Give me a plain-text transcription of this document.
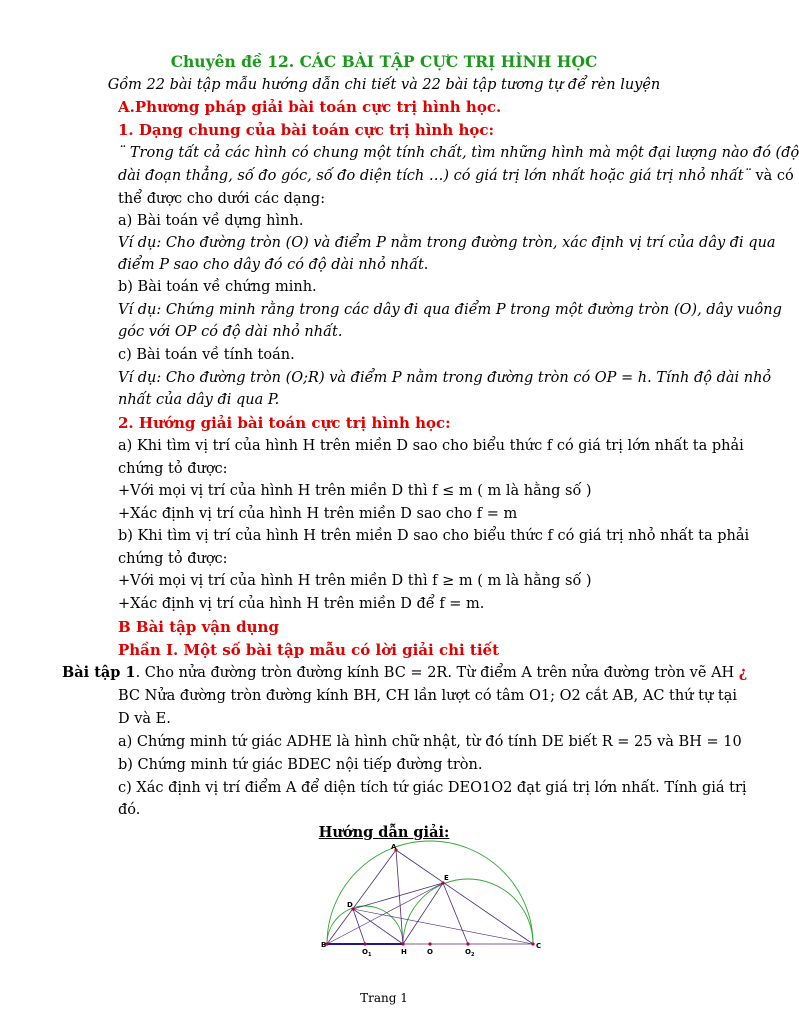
Chuyên đề 12. CÁC BÀI TẬP CỰC TRỊ HÌNH HỌC
Gồm 22 bài tập mẫu hướng dẫn chi tiết và 22 bài tập tương tự để rèn luyện
A.Phương pháp giải bài toán cực trị hình học.
1. Dạng chung của bài toán cực trị hình học:
¨ Trong tất cả các hình có chung một tính chất, tìm những hình mà một đại lượng nào đó (độ
dài đoạn thẳng, số đo góc, số đo diện tích …) có giá trị lớn nhất hoặc giá trị nhỏ nhất¨ và có
thể được cho dưới các dạng:
a) Bài toán về dựng hình.
Ví dụ: Cho đường tròn (O) và điểm P nằm trong đường tròn, xác định vị trí của dây đi qua
điểm P sao cho dây đó có độ dài nhỏ nhất.
b) Bài toán về chứng minh.
Ví dụ: Chứng minh rằng trong các dây đi qua điểm P trong một đường tròn (O), dây vuông
góc với OP có độ dài nhỏ nhất.
c) Bài toán về tính toán.
Ví dụ: Cho đường tròn (O;R) và điểm P nằm trong đường tròn có OP = h. Tính độ dài nhỏ
nhất của dây đi qua P.
2. Hướng giải bài toán cực trị hình học:
a) Khi tìm vị trí của hình H trên miền D sao cho biểu thức f có giá trị lớn nhất ta phải
chứng tỏ được:
+Với mọi vị trí của hình H trên miền D thì f ≤ m ( m là hằng số )
+Xác định vị trí của hình H trên miền D sao cho f = m
b) Khi tìm vị trí của hình H trên miền D sao cho biểu thức f có giá trị nhỏ nhất ta phải
chứng tỏ được:
+Với mọi vị trí của hình H trên miền D thì f ≥ m ( m là hằng số )
+Xác định vị trí của hình H trên miền D để f = m.
B Bài tập vận dụng
Phần I. Một số bài tập mẫu có lời giải chi tiết
Bài tập 1. Cho nửa đường tròn đường kính BC = 2R. Từ điểm A trên nửa đường tròn vẽ AH ¿
BC Nửa đường tròn đường kính BH, CH lần lượt có tâm O1; O2 cắt AB, AC thứ tự tại
D và E.
a) Chứng minh tứ giác ADHE là hình chữ nhật, từ đó tính DE biết R = 25 và BH = 10
b) Chứng minh tứ giác BDEC nội tiếp đường tròn.
c) Xác định vị trí điểm A để diện tích tứ giác DEO1O2 đạt giá trị lớn nhất. Tính giá trị
đó.
Hướng dẫn giải:
A
B	C
D
E
H	O
O 1	O 2
Trang 1
